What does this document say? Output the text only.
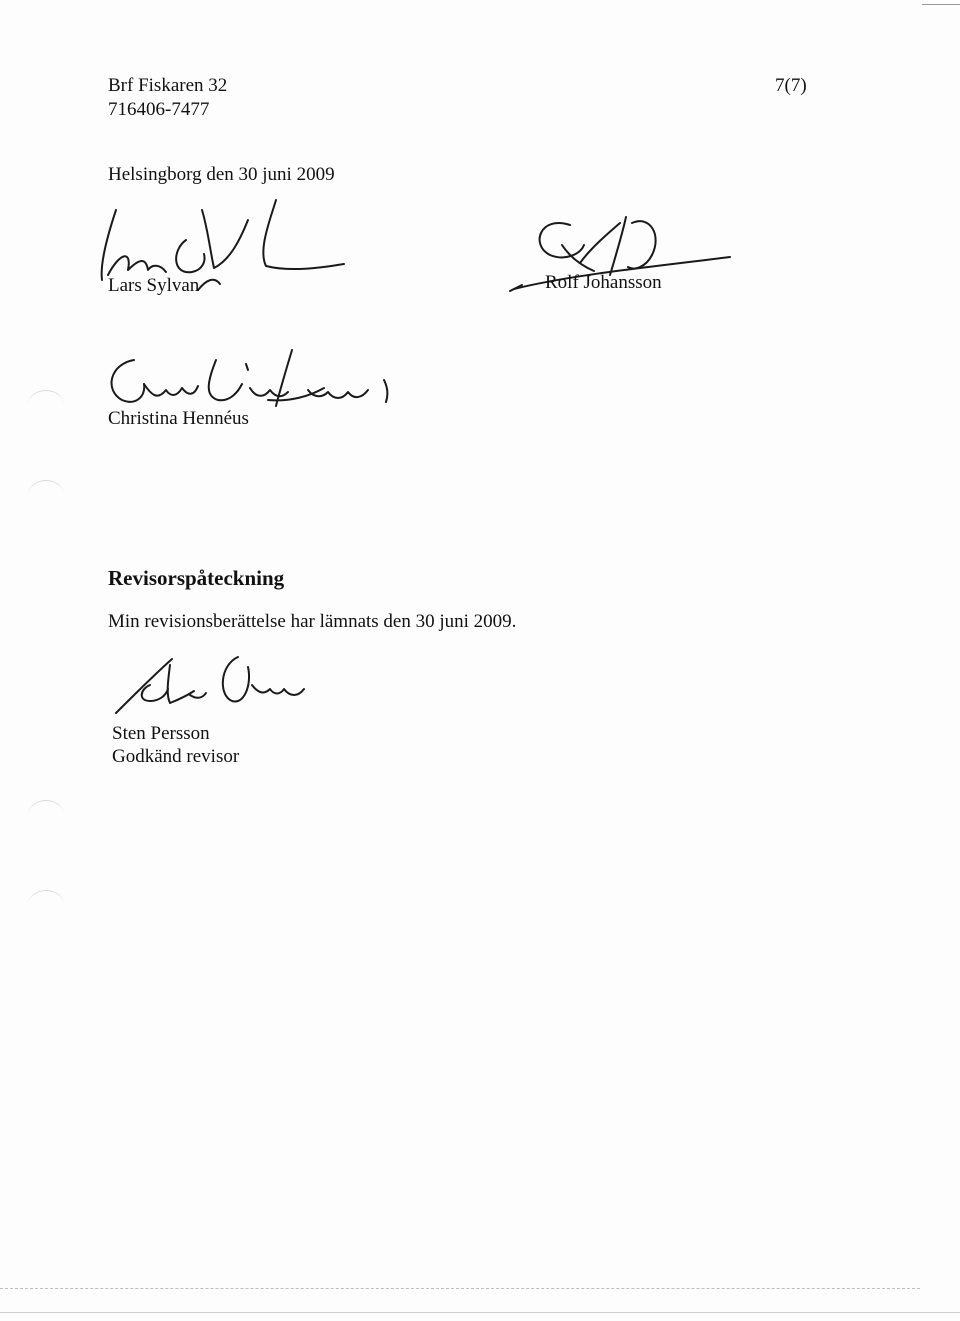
Brf Fiskaren 32
716406-7477
7(7)
Helsingborg den 30 juni 2009
Lars Sylvan	Rolf Johansson
Christina Hennéus
Revisorspåteckning
Min revisionsberättelse har lämnats den 30 juni 2009.
Sten Persson
Godkänd revisor
